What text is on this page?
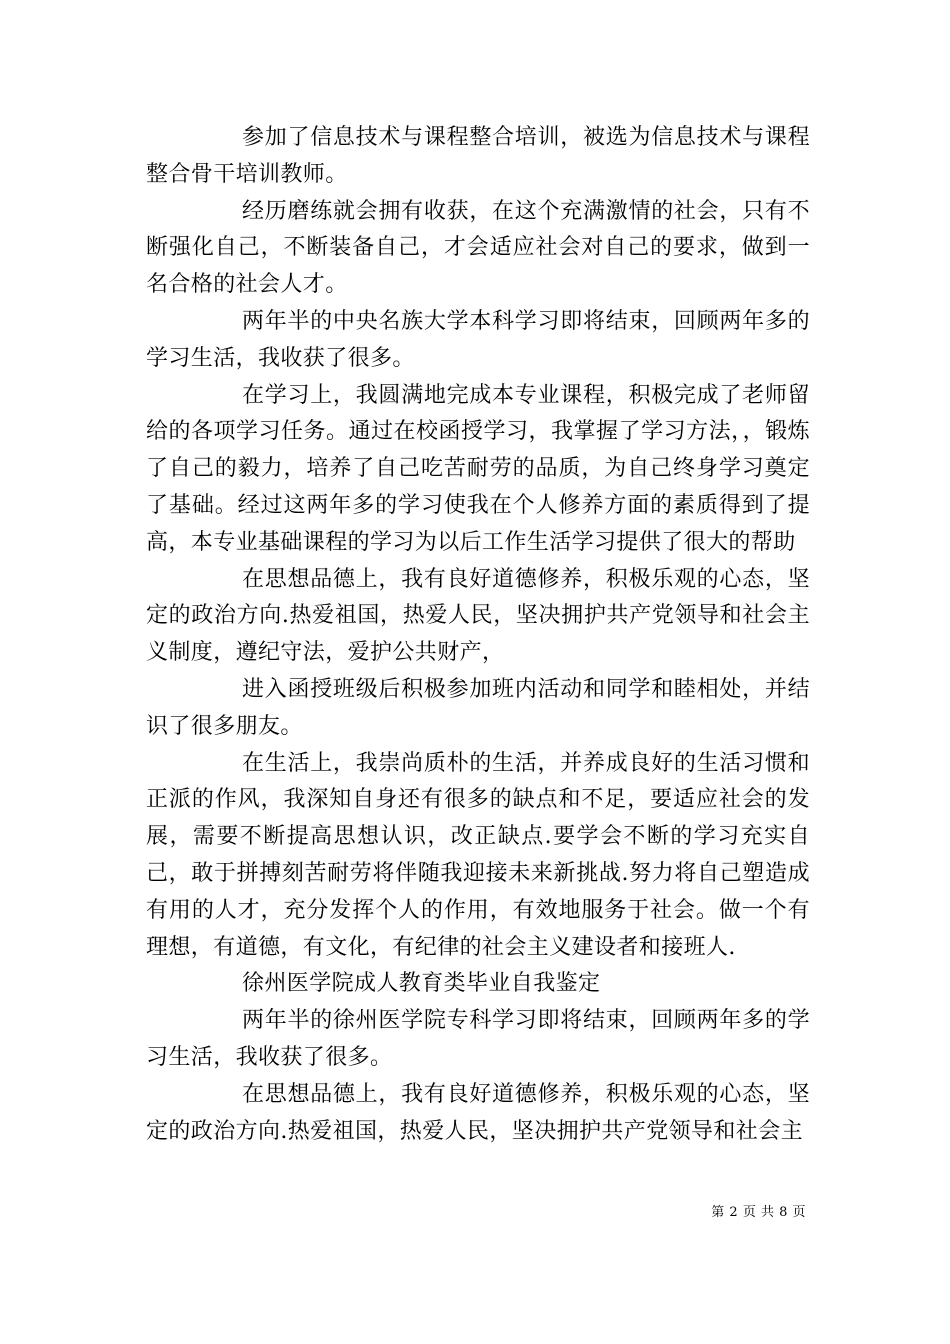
参加了信息技术与课程整合培训，被选为信息技术与课程整合骨干培训教师。

经历磨练就会拥有收获，在这个充满激情的社会，只有不断强化自己，不断装备自己，才会适应社会对自己的要求，做到一名合格的社会人才。

两年半的中央名族大学本科学习即将结束，回顾两年多的学习生活，我收获了很多。

在学习上，我圆满地完成本专业课程，积极完成了老师留给的各项学习任务。通过在校函授学习，我掌握了学习方法，，锻炼了自己的毅力，培养了自己吃苦耐劳的品质，为自己终身学习奠定了基础。经过这两年多的学习使我在个人修养方面的素质得到了提高，本专业基础课程的学习为以后工作生活学习提供了很大的帮助

在思想品德上，我有良好道德修养，积极乐观的心态，坚定的政治方向.热爱祖国，热爱人民，坚决拥护共产党领导和社会主义制度，遵纪守法，爱护公共财产，

进入函授班级后积极参加班内活动和同学和睦相处，并结识了很多朋友。

在生活上，我崇尚质朴的生活，并养成良好的生活习惯和正派的作风，我深知自身还有很多的缺点和不足，要适应社会的发展，需要不断提高思想认识，改正缺点.要学会不断的学习充实自己，敢于拼搏刻苦耐劳将伴随我迎接未来新挑战.努力将自己塑造成有用的人才，充分发挥个人的作用，有效地服务于社会。做一个有理想，有道德，有文化，有纪律的社会主义建设者和接班人.

徐州医学院成人教育类毕业自我鉴定

两年半的徐州医学院专科学习即将结束，回顾两年多的学习生活，我收获了很多。

在思想品德上，我有良好道德修养，积极乐观的心态，坚定的政治方向.热爱祖国，热爱人民，坚决拥护共产党领导和社会主

第 2 页 共 8 页
